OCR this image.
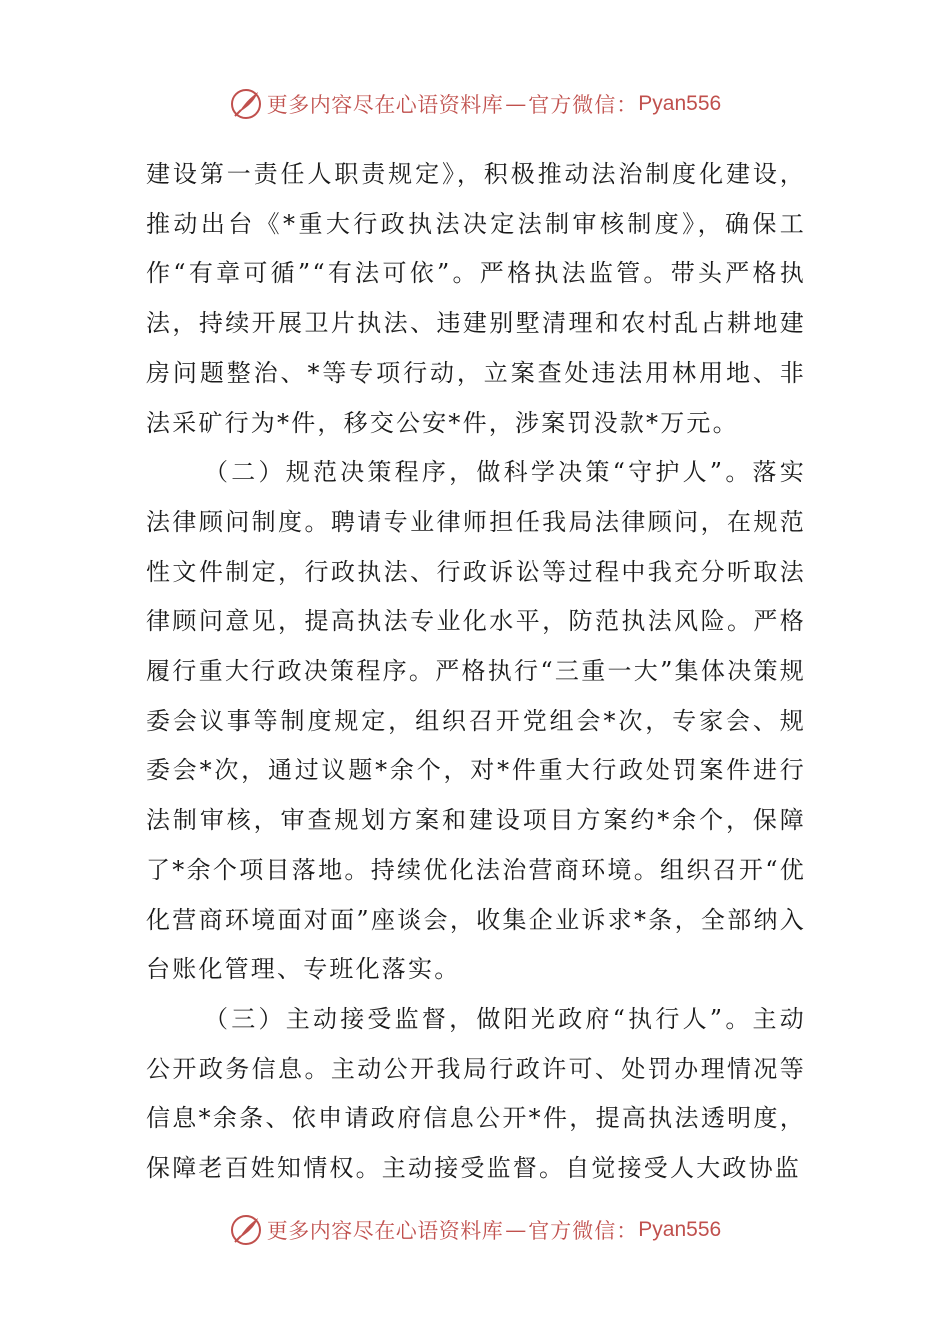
更多内容尽在心语资料库 — 官方微信： Pyan556

建设第一责任人职责规定》，积极推动法治制度化建设，推动出台《*重大行政执法决定法制审核制度》，确保工作“有章可循”“有法可依”。严格执法监管。带头严格执法，持续开展卫片执法、违建别墅清理和农村乱占耕地建房问题整治、*等专项行动，立案查处违法用林用地、非法采矿行为*件，移交公安*件，涉案罚没款*万元。

（二）规范决策程序，做科学决策“守护人”。落实法律顾问制度。聘请专业律师担任我局法律顾问，在规范性文件制定，行政执法、行政诉讼等过程中我充分听取法律顾问意见，提高执法专业化水平，防范执法风险。严格履行重大行政决策程序。严格执行“三重一大”集体决策规委会议事等制度规定，组织召开党组会*次，专家会、规委会*次，通过议题*余个，对*件重大行政处罚案件进行法制审核，审查规划方案和建设项目方案约*余个，保障了*余个项目落地。持续优化法治营商环境。组织召开“优化营商环境面对面”座谈会，收集企业诉求*条，全部纳入台账化管理、专班化落实。

（三）主动接受监督，做阳光政府“执行人”。主动公开政务信息。主动公开我局行政许可、处罚办理情况等信息*余条、依申请政府信息公开*件，提高执法透明度，保障老百姓知情权。主动接受监督。自觉接受人大政协监

更多内容尽在心语资料库 — 官方微信： Pyan556
